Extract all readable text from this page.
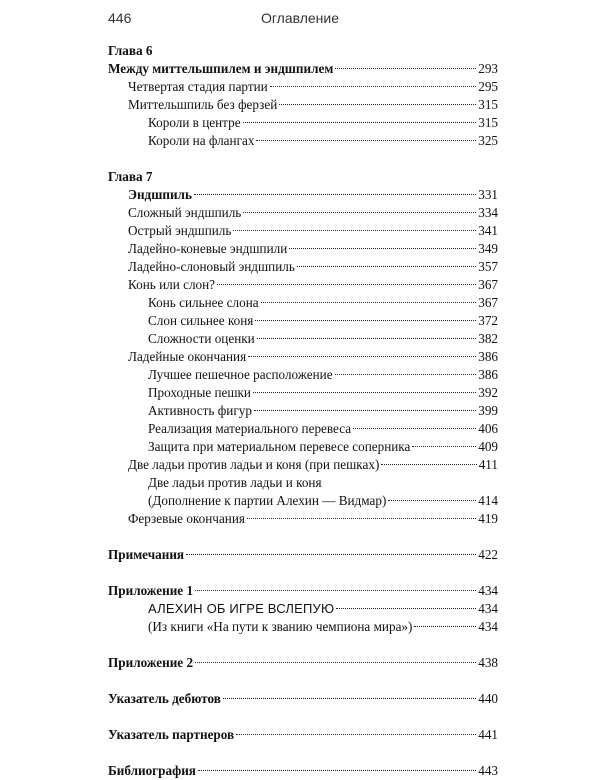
446	Оглавление
Глава 6
Между миттельшпилем и эндшпилем	293
Четвертая стадия партии	295
Миттельшпиль без ферзей	315
Короли в центре	315
Короли на флангах	325
Глава 7
Эндшпиль	331
Сложный эндшпиль	334
Острый эндшпиль	341
Ладейно-коневые эндшпили	349
Ладейно-слоновый эндшпиль	357
Конь или слон?	367
Конь сильнее слона	367
Слон сильнее коня	372
Сложности оценки	382
Ладейные окончания	386
Лучшее пешечное расположение	386
Проходные пешки	392
Активность фигур	399
Реализация материального перевеса	406
Защита при материальном перевесе соперника	409
Две ладьи против ладьи и коня (при пешках)	411
Две ладьи против ладьи и коня
(Дополнение к партии Алехин — Видмар)	414
Ферзевые окончания	419
Примечания	422
Приложение 1	434
АЛЕХИН ОБ ИГРЕ ВСЛЕПУЮ	434
(Из книги «На пути к званию чемпиона мира»)	434
Приложение 2	438
Указатель дебютов	440
Указатель партнеров	441
Библиография	443
